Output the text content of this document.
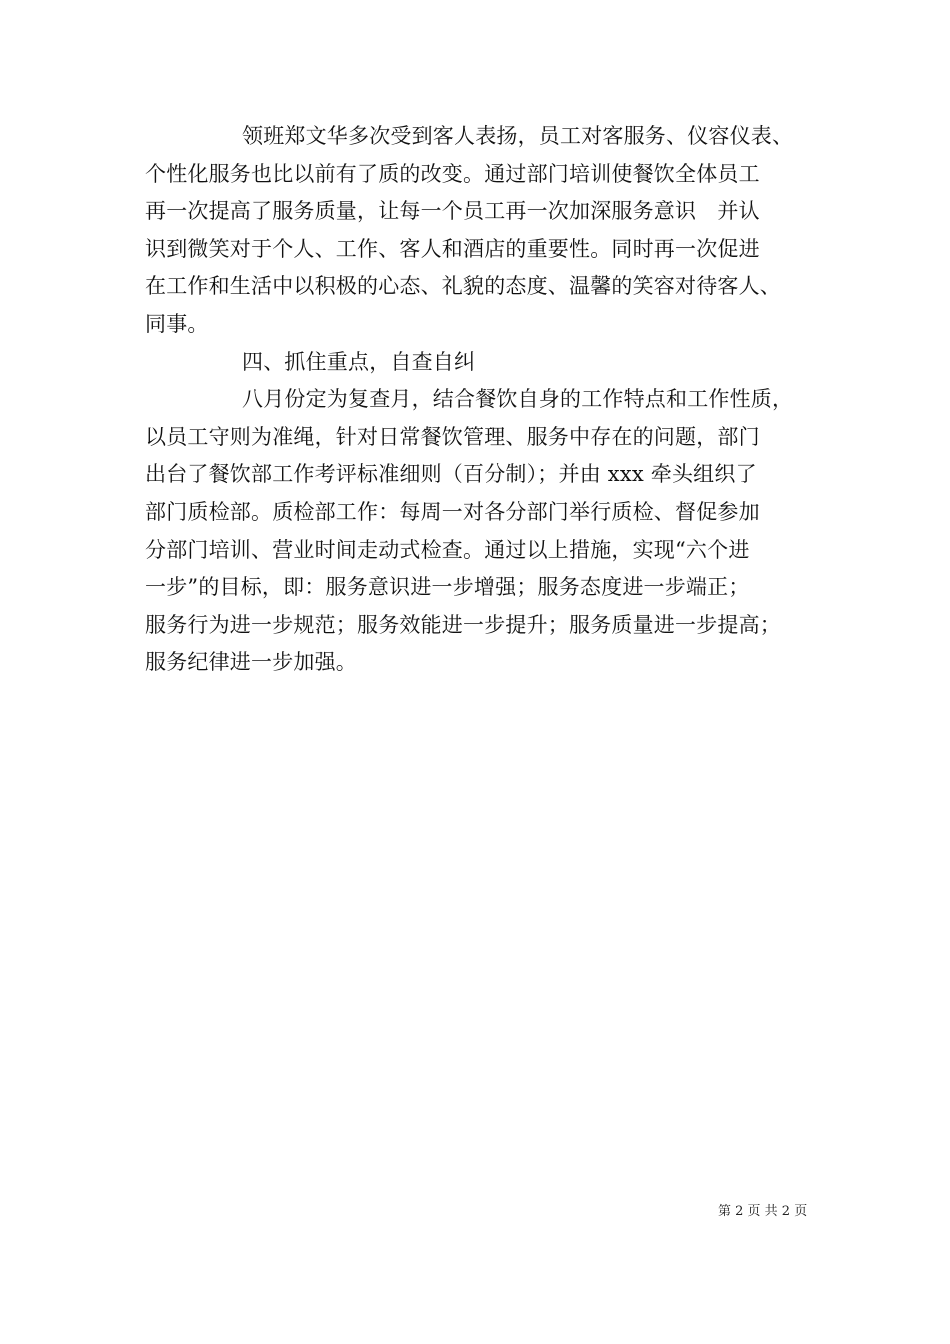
领班郑文华多次受到客人表扬，员工对客服务、仪容仪表、
个性化服务也比以前有了质的改变。通过部门培训使餐饮全体员工
再一次提高了服务质量，让每一个员工再一次加深服务意识　并认
识到微笑对于个人、工作、客人和酒店的重要性。同时再一次促进
在工作和生活中以积极的心态、礼貌的态度、温馨的笑容对待客人、
同事。
四、抓住重点，自查自纠
八月份定为复查月，结合餐饮自身的工作特点和工作性质，
以员工守则为准绳，针对日常餐饮管理、服务中存在的问题，部门
出台了餐饮部工作考评标准细则（百分制）；并由 xxx 牵头组织了
部门质检部。质检部工作：每周一对各分部门举行质检、督促参加
分部门培训、营业时间走动式检查。通过以上措施，实现“六个进
一步”的目标，即：服务意识进一步增强；服务态度进一步端正；
服务行为进一步规范；服务效能进一步提升；服务质量进一步提高；
服务纪律进一步加强。
第 2 页 共 2 页
